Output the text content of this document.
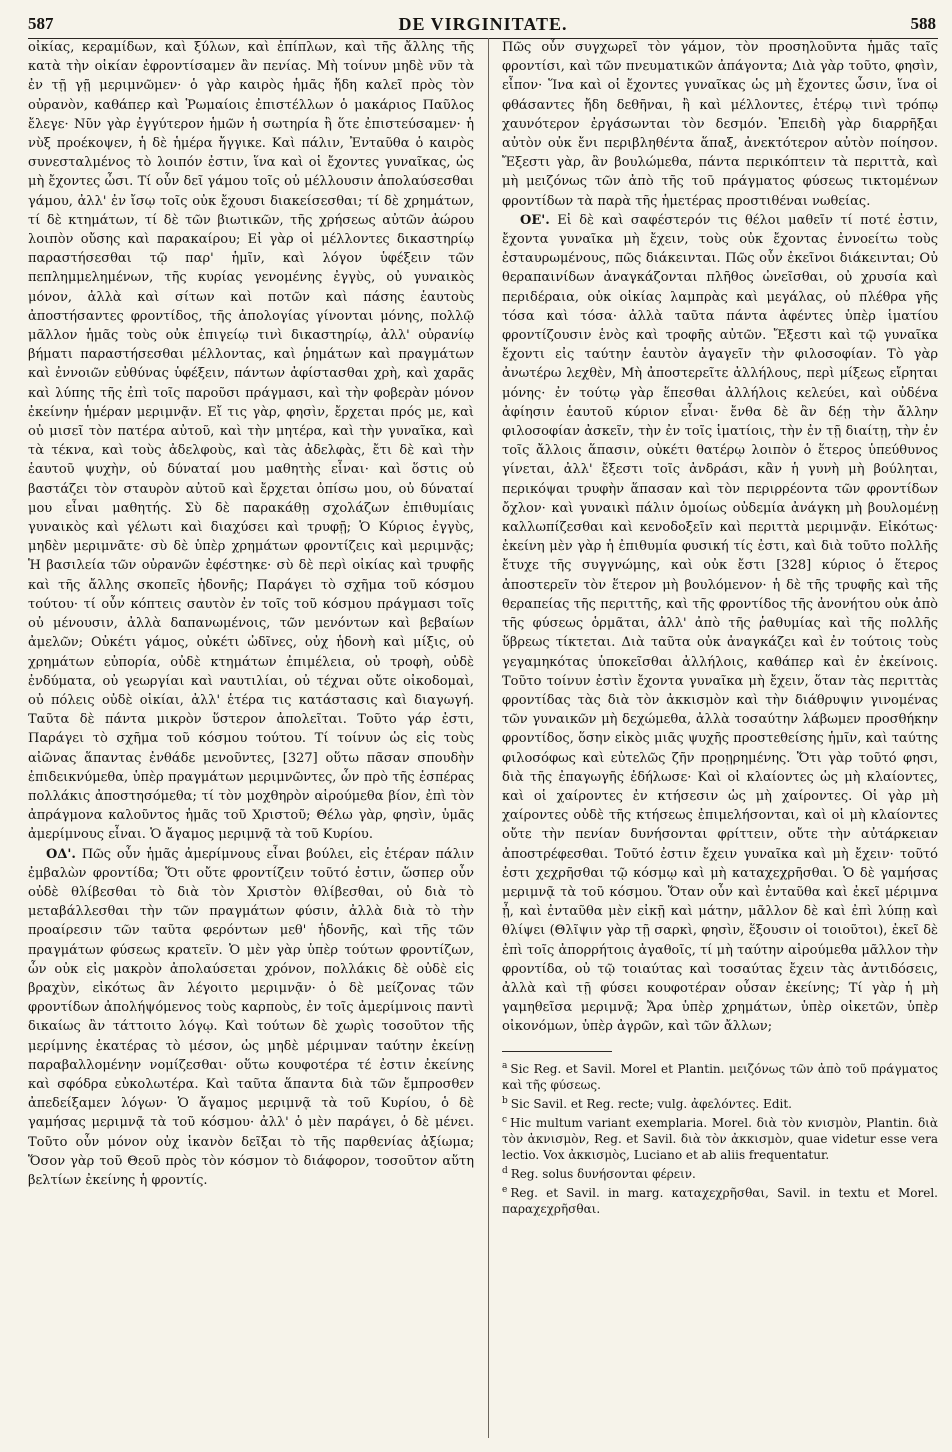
587	DE VIRGINITATE.	588

οἰκίας, κεραμίδων, καὶ ξύλων, καὶ ἐπίπλων, καὶ τῆς ἄλλης τῆς κατὰ τὴν οἰκίαν ἐφροντίσαμεν ἂν πενίας. Μὴ τοίνυν μηδὲ νῦν τὰ ἐν τῇ γῇ μεριμνῶμεν· ὁ γὰρ καιρὸς ἡμᾶς ἤδη καλεῖ πρὸς τὸν οὐρανὸν, καθάπερ καὶ Ῥωμαίοις ἐπιστέλλων ὁ μακάριος Παῦλος ἔλεγε· Νῦν γὰρ ἐγγύτερον ἡμῶν ἡ σωτηρία ἢ ὅτε ἐπιστεύσαμεν· ἡ νὺξ προέκοψεν, ἡ δὲ ἡμέρα ἤγγικε. Καὶ πάλιν, Ἐνταῦθα ὁ καιρὸς συνεσταλμένος τὸ λοιπόν ἐστιν, ἵνα καὶ οἱ ἔχοντες γυναῖκας, ὡς μὴ ἔχοντες ὦσι. Τί οὖν δεῖ γάμου τοῖς οὐ μέλλουσιν ἀπολαύσεσθαι γάμου, ἀλλ' ἐν ἴσῳ τοῖς οὐκ ἔχουσι διακείσεσθαι; τί δὲ χρημάτων, τί δὲ κτημάτων, τί δὲ τῶν βιωτικῶν, τῆς χρήσεως αὐτῶν ἀώρου λοιπὸν οὔσης καὶ παρακαίρου; Εἰ γὰρ οἱ μέλλοντες δικαστηρίῳ παραστήσεσθαι τῷ παρ' ἡμῖν, καὶ λόγον ὑφέξειν τῶν πεπλημμελημένων, τῆς κυρίας γενομένης ἐγγὺς, οὐ γυναικὸς μόνον, ἀλλὰ καὶ σίτων καὶ ποτῶν καὶ πάσης ἑαυτοὺς ἀποστήσαντες φροντίδος, τῆς ἀπολογίας γίνονται μόνης, πολλῷ μᾶλλον ἡμᾶς τοὺς οὐκ ἐπιγείῳ τινὶ δικαστηρίῳ, ἀλλ' οὐρανίῳ βήματι παραστήσεσθαι μέλλοντας, καὶ ῥημάτων καὶ πραγμάτων καὶ ἐννοιῶν εὐθύνας ὑφέξειν, πάντων ἀφίστασθαι χρὴ, καὶ χαρᾶς καὶ λύπης τῆς ἐπὶ τοῖς παροῦσι πράγμασι, καὶ τὴν φοβερὰν μόνον ἐκείνην ἡμέραν μεριμνᾷν. Εἴ τις γὰρ, φησὶν, ἔρχεται πρός με, καὶ οὐ μισεῖ τὸν πατέρα αὐτοῦ, καὶ τὴν μητέρα, καὶ τὴν γυναῖκα, καὶ τὰ τέκνα, καὶ τοὺς ἀδελφοὺς, καὶ τὰς ἀδελφὰς, ἔτι δὲ καὶ τὴν ἑαυτοῦ ψυχὴν, οὐ δύναταί μου μαθητὴς εἶναι· καὶ ὅστις οὐ βαστάζει τὸν σταυρὸν αὐτοῦ καὶ ἔρχεται ὀπίσω μου, οὐ δύναταί μου εἶναι μαθητής. Σὺ δὲ παρακάθῃ σχολάζων ἐπιθυμίαις γυναικὸς καὶ γέλωτι καὶ διαχύσει καὶ τρυφῇ; Ὁ Κύριος ἐγγὺς, μηδὲν μεριμνᾶτε· σὺ δὲ ὑπὲρ χρημάτων φροντίζεις καὶ μεριμνᾷς; Ἡ βασιλεία τῶν οὐρανῶν ἐφέστηκε· σὺ δὲ περὶ οἰκίας καὶ τρυφῆς καὶ τῆς ἄλλης σκοπεῖς ἡδονῆς; Παράγει τὸ σχῆμα τοῦ κόσμου τούτου· τί οὖν κόπτεις σαυτὸν ἐν τοῖς τοῦ κόσμου πράγμασι τοῖς οὐ μένουσιν, ἀλλὰ δαπανωμένοις, τῶν μενόντων καὶ βεβαίων ἀμελῶν; Οὐκέτι γάμος, οὐκέτι ὠδῖνες, οὐχ ἡδονὴ καὶ μίξις, οὐ χρημάτων εὐπορία, οὐδὲ κτημάτων ἐπιμέλεια, οὐ τροφὴ, οὐδὲ ἐνδύματα, οὐ γεωργίαι καὶ ναυτιλίαι, οὐ τέχναι οὔτε οἰκοδομαὶ, οὐ πόλεις οὐδὲ οἰκίαι, ἀλλ' ἑτέρα τις κατάστασις καὶ διαγωγή. Ταῦτα δὲ πάντα μικρὸν ὕστερον ἀπολεῖται. Τοῦτο γάρ ἐστι, Παράγει τὸ σχῆμα τοῦ κόσμου τούτου. Τί τοίνυν ὡς εἰς τοὺς αἰῶνας ἅπαντας ἐνθάδε μενοῦντες, [327] οὕτω πᾶσαν σπουδὴν ἐπιδεικνύμεθα, ὑπὲρ πραγμάτων μεριμνῶντες, ὧν πρὸ τῆς ἑσπέρας πολλάκις ἀποστησόμεθα; τί τὸν μοχθηρὸν αἱρούμεθα βίον, ἐπὶ τὸν ἀπράγμονα καλοῦντος ἡμᾶς τοῦ Χριστοῦ; Θέλω γὰρ, φησὶν, ὑμᾶς ἀμερίμνους εἶναι. Ὁ ἄγαμος μεριμνᾷ τὰ τοῦ Κυρίου.

ΟΔ'. Πῶς οὖν ἡμᾶς ἀμερίμνους εἶναι βούλει, εἰς ἑτέραν πάλιν ἐμβαλὼν φροντίδα; Ὅτι οὔτε φροντίζειν τοῦτό ἐστιν, ὥσπερ οὖν οὐδὲ θλίβεσθαι τὸ διὰ τὸν Χριστὸν θλίβεσθαι, οὐ διὰ τὸ μεταβάλλεσθαι τὴν τῶν πραγμάτων φύσιν, ἀλλὰ διὰ τὸ τὴν προαίρεσιν τῶν ταῦτα φερόντων μεθ' ἡδονῆς, καὶ τῆς τῶν πραγμάτων φύσεως κρατεῖν. Ὁ μὲν γὰρ ὑπὲρ τούτων φροντίζων, ὧν οὐκ εἰς μακρὸν ἀπολαύσεται χρόνον, πολλάκις δὲ οὐδὲ εἰς βραχὺν, εἰκότως ἂν λέγοιτο μεριμνᾷν· ὁ δὲ μείζονας τῶν φροντίδων ἀπολήψόμενος τοὺς καρποὺς, ἐν τοῖς ἀμερίμνοις παντὶ δικαίως ἂν τάττοιτο λόγῳ. Καὶ τούτων δὲ χωρὶς τοσοῦτον τῆς μερίμνης ἑκατέρας τὸ μέσον, ὡς μηδὲ μέριμναν ταύτην ἐκείνῃ παραβαλλομένην νομίζεσθαι· οὕτω κουφοτέρα τέ ἐστιν ἐκείνης καὶ σφόδρα εὐκολωτέρα. Καὶ ταῦτα ἅπαντα διὰ τῶν ἔμπροσθεν ἀπεδείξαμεν λόγων· Ὁ ἄγαμος μεριμνᾷ τὰ τοῦ Κυρίου, ὁ δὲ γαμήσας μεριμνᾷ τὰ τοῦ κόσμου· ἀλλ' ὁ μὲν παράγει, ὁ δὲ μένει. Τοῦτο οὖν μόνον οὐχ ἱκανὸν δεῖξαι τὸ τῆς παρθενίας ἀξίωμα; Ὅσον γὰρ τοῦ Θεοῦ πρὸς τὸν κόσμον τὸ διάφορον, τοσοῦτον αὕτη βελτίων ἐκείνης ἡ φροντίς.

Πῶς οὖν συγχωρεῖ τὸν γάμον, τὸν προσηλοῦντα ἡμᾶς ταῖς φροντίσι, καὶ τῶν πνευματικῶν ἀπάγοντα; Διὰ γὰρ τοῦτο, φησὶν, εἶπον· Ἵνα καὶ οἱ ἔχοντες γυναῖκας ὡς μὴ ἔχοντες ὦσιν, ἵνα οἱ φθάσαντες ἤδη δεθῆναι, ἢ καὶ μέλλοντες, ἑτέρῳ τινὶ τρόπῳ χαυνότερον ἐργάσωνται τὸν δεσμόν. Ἐπειδὴ γὰρ διαρρῆξαι αὐτὸν οὐκ ἔνι περιβληθέντα ἅπαξ, ἀνεκτότερον αὐτὸν ποίησον. Ἔξεστι γὰρ, ἂν βουλώμεθα, πάντα περικόπτειν τὰ περιττὰ, καὶ μὴ μειζόνως τῶν ἀπὸ τῆς τοῦ πράγματος φύσεως τικτομένων φροντίδων τὰ παρὰ τῆς ἡμετέρας προστιθέναι νωθείας.

ΟΕ'. Εἰ δὲ καὶ σαφέστερόν τις θέλοι μαθεῖν τί ποτέ ἐστιν, ἔχοντα γυναῖκα μὴ ἔχειν, τοὺς οὐκ ἔχοντας ἐννοείτω τοὺς ἐσταυρωμένους, πῶς διάκεινται. Πῶς οὖν ἐκεῖνοι διάκεινται; Οὐ θεραπαινίδων ἀναγκάζονται πλῆθος ὠνεῖσθαι, οὐ χρυσία καὶ περιδέραια, οὐκ οἰκίας λαμπρὰς καὶ μεγάλας, οὐ πλέθρα γῆς τόσα καὶ τόσα· ἀλλὰ ταῦτα πάντα ἀφέντες ὑπὲρ ἱματίου φροντίζουσιν ἑνὸς καὶ τροφῆς αὐτῶν. Ἔξεστι καὶ τῷ γυναῖκα ἔχοντι εἰς ταύτην ἑαυτὸν ἀγαγεῖν τὴν φιλοσοφίαν. Τὸ γὰρ ἀνωτέρω λεχθὲν, Μὴ ἀποστερεῖτε ἀλλήλους, περὶ μίξεως εἴρηται μόνης· ἐν τούτῳ γὰρ ἕπεσθαι ἀλλήλοις κελεύει, καὶ οὐδένα ἀφίησιν ἑαυτοῦ κύριον εἶναι· ἔνθα δὲ ἂν δέῃ τὴν ἄλλην φιλοσοφίαν ἀσκεῖν, τὴν ἐν τοῖς ἱματίοις, τὴν ἐν τῇ διαίτῃ, τὴν ἐν τοῖς ἄλλοις ἅπασιν, οὐκέτι θατέρῳ λοιπὸν ὁ ἕτερος ὑπεύθυνος γίνεται, ἀλλ' ἔξεστι τοῖς ἀνδράσι, κἂν ἡ γυνὴ μὴ βούληται, περικόψαι τρυφὴν ἅπασαν καὶ τὸν περιρρέοντα τῶν φροντίδων ὄχλον· καὶ γυναικὶ πάλιν ὁμοίως οὐδεμία ἀνάγκη μὴ βουλομένῃ καλλωπίζεσθαι καὶ κενοδοξεῖν καὶ περιττὰ μεριμνᾷν. Εἰκότως· ἐκείνη μὲν γὰρ ἡ ἐπιθυμία φυσική τίς ἐστι, καὶ διὰ τοῦτο πολλῆς ἔτυχε τῆς συγγνώμης, καὶ οὐκ ἔστι [328] κύριος ὁ ἕτερος ἀποστερεῖν τὸν ἕτερον μὴ βουλόμενον· ἡ δὲ τῆς τρυφῆς καὶ τῆς θεραπείας τῆς περιττῆς, καὶ τῆς φροντίδος τῆς ἀνονήτου οὐκ ἀπὸ τῆς φύσεως ὁρμᾶται, ἀλλ' ἀπὸ τῆς ῥαθυμίας καὶ τῆς πολλῆς ὕβρεως τίκτεται. Διὰ ταῦτα οὐκ ἀναγκάζει καὶ ἐν τούτοις τοὺς γεγαμηκότας ὑποκεῖσθαι ἀλλήλοις, καθάπερ καὶ ἐν ἐκείνοις. Τοῦτο τοίνυν ἐστὶν ἔχοντα γυναῖκα μὴ ἔχειν, ὅταν τὰς περιττὰς φροντίδας τὰς διὰ τὸν ἀκκισμὸν καὶ τὴν διάθρυψιν γινομένας τῶν γυναικῶν μὴ δεχώμεθα, ἀλλὰ τοσαύτην λάβωμεν προσθήκην φροντίδος, ὅσην εἰκὸς μιᾶς ψυχῆς προστεθείσης ἡμῖν, καὶ ταύτης φιλοσόφως καὶ εὐτελῶς ζῆν προῃρημένης. Ὅτι γὰρ τοῦτό φησι, διὰ τῆς ἐπαγωγῆς ἐδήλωσε· Καὶ οἱ κλαίοντες ὡς μὴ κλαίοντες, καὶ οἱ χαίροντες ἐν κτήσεσιν ὡς μὴ χαίροντες. Οἱ γὰρ μὴ χαίροντες οὐδὲ τῆς κτήσεως ἐπιμελήσονται, καὶ οἱ μὴ κλαίοντες οὔτε τὴν πενίαν δυνήσονται φρίττειν, οὔτε τὴν αὐτάρκειαν ἀποστρέφεσθαι. Τοῦτό ἐστιν ἔχειν γυναῖκα καὶ μὴ ἔχειν· τοῦτό ἐστι χεχρῆσθαι τῷ κόσμῳ καὶ μὴ καταχεχρῆσθαι. Ὁ δὲ γαμήσας μεριμνᾷ τὰ τοῦ κόσμου. Ὅταν οὖν καὶ ἐνταῦθα καὶ ἐκεῖ μέριμνα ᾖ, καὶ ἐνταῦθα μὲν εἰκῇ καὶ μάτην, μᾶλλον δὲ καὶ ἐπὶ λύπῃ καὶ θλίψει (Θλῖψιν γὰρ τῇ σαρκὶ, φησὶν, ἕξουσιν οἱ τοιοῦτοι), ἐκεῖ δὲ ἐπὶ τοῖς ἀπορρήτοις ἀγαθοῖς, τί μὴ ταύτην αἱρούμεθα μᾶλλον τὴν φροντίδα, οὐ τῷ τοιαύτας καὶ τοσαύτας ἔχειν τὰς ἀντιδόσεις, ἀλλὰ καὶ τῇ φύσει κουφοτέραν οὖσαν ἐκείνης; Τί γὰρ ἡ μὴ γαμηθεῖσα μεριμνᾷ; Ἄρα ὑπὲρ χρημάτων, ὑπὲρ οἰκετῶν, ὑπὲρ οἰκονόμων, ὑπὲρ ἀγρῶν, καὶ τῶν ἄλλων;

$^a$ Sic Reg. et Savil. Morel et Plantin. μειζόνως τῶν ἀπὸ τοῦ πράγματος καὶ τῆς φύσεως.

$^b$ Sic Savil. et Reg. recte; vulg. ἀφελόντες. Edit.

$^c$ Hic multum variant exemplaria. Morel. διὰ τὸν κνισμὸν, Plantin. διὰ τὸν ἀκνισμὸν, Reg. et Savil. διὰ τὸν ἀκκισμὸν, quae videtur esse vera lectio. Vox ἀκκισμὸς, Luciano et ab aliis frequentatur.

$^d$ Reg. solus δυνήσονται φέρειν.

$^e$ Reg. et Savil. in marg. καταχεχρῆσθαι, Savil. in textu et Morel. παραχεχρῆσθαι.
